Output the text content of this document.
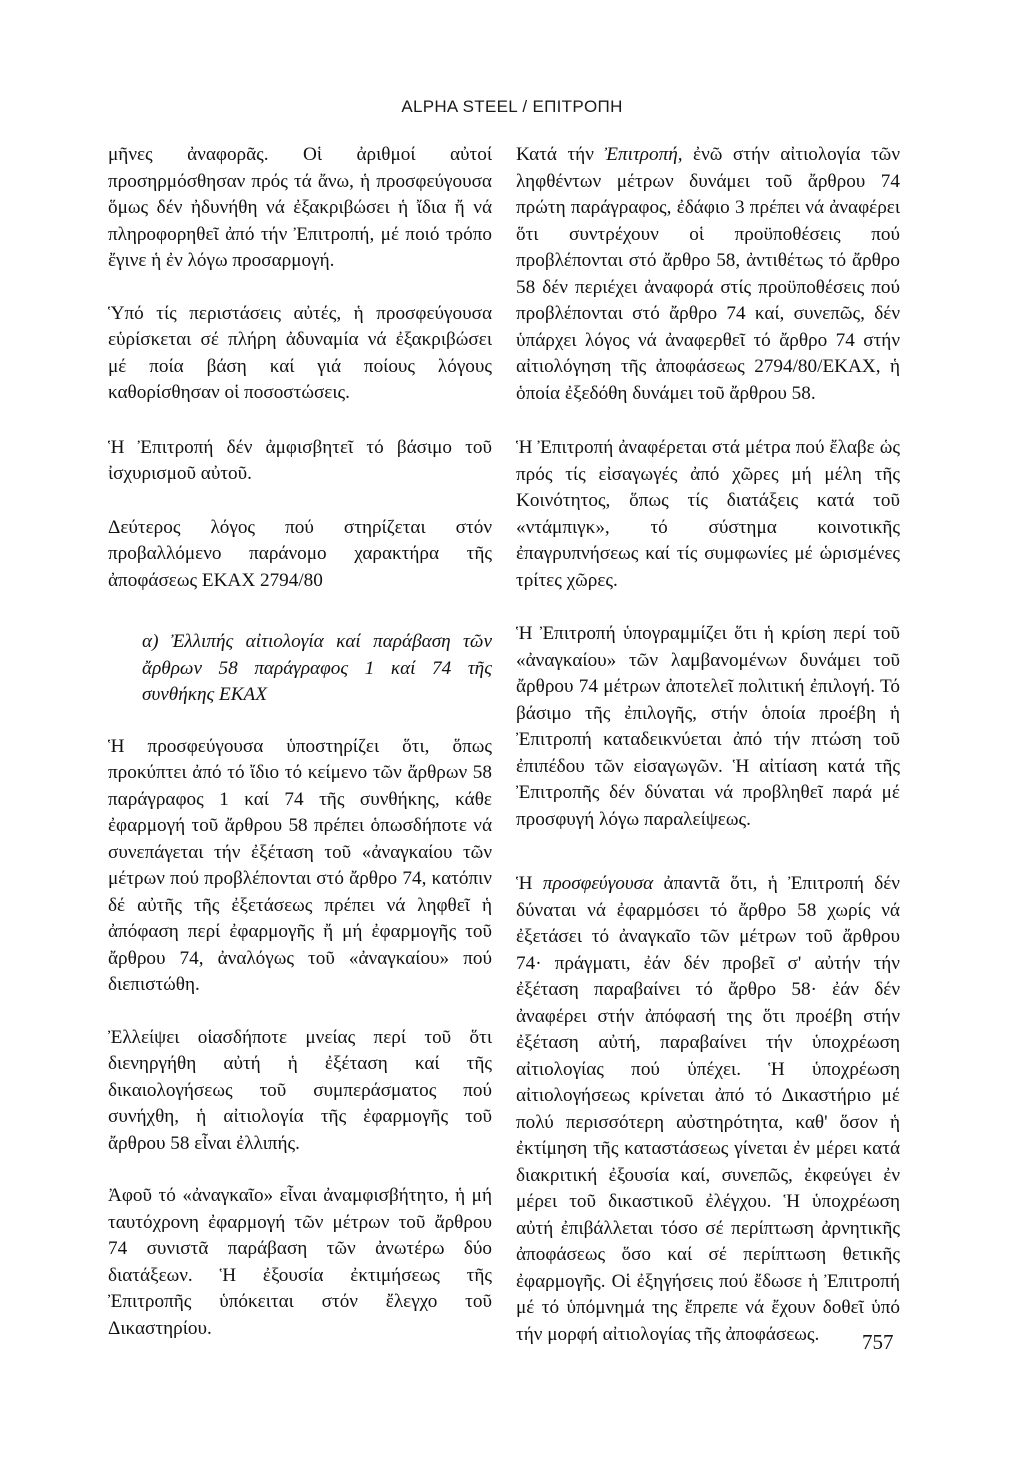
ALPHA STEEL / ΕΠΙΤΡΟΠΗ

μῆνες ἀναφορᾶς. Οἱ ἀριθμοί αὐτοί προσηρμόσθησαν πρός τά ἄνω, ἡ προσφεύγουσα ὅμως δέν ἠδυνήθη νά ἐξακριβώσει ἡ ἴδια ἤ νά πληροφορηθεῖ ἀπό τήν Ἐπιτροπή, μέ ποιό τρόπο ἔγινε ἡ ἐν λόγω προσαρμογή.

Ὑπό τίς περιστάσεις αὐτές, ἡ προσφεύγουσα εὑρίσκεται σέ πλήρη ἀδυναμία νά ἐξακριβώσει μέ ποία βάση καί γιά ποίους λόγους καθορίσθησαν οἱ ποσοστώσεις.

Ἡ Ἐπιτροπή δέν ἀμφισβητεῖ τό βάσιμο τοῦ ἰσχυρισμοῦ αὐτοῦ.

Δεύτερος λόγος πού στηρίζεται στόν προβαλλόμενο παράνομο χαρακτήρα τῆς ἀποφάσεως ΕΚΑΧ 2794/80

α) Ἐλλιπής αἰτιολογία καί παράβαση τῶν ἄρθρων 58 παράγραφος 1 καί 74 τῆς συνθήκης ΕΚΑΧ

Ἡ προσφεύγουσα ὑποστηρίζει ὅτι, ὅπως προκύπτει ἀπό τό ἴδιο τό κείμενο τῶν ἄρθρων 58 παράγραφος 1 καί 74 τῆς συνθήκης, κάθε ἐφαρμογή τοῦ ἄρθρου 58 πρέπει ὁπωσδήποτε νά συνεπάγεται τήν ἐξέταση τοῦ «ἀναγκαίου τῶν μέτρων πού προβλέπονται στό ἄρθρο 74, κατόπιν δέ αὐτῆς τῆς ἐξετάσεως πρέπει νά ληφθεῖ ἡ ἀπόφαση περί ἐφαρμογῆς ἤ μή ἐφαρμογῆς τοῦ ἄρθρου 74, ἀναλόγως τοῦ «ἀναγκαίου» πού διεπιστώθη.

Ἐλλείψει οἱασδήποτε μνείας περί τοῦ ὅτι διενηργήθη αὐτή ἡ ἐξέταση καί τῆς δικαιολογήσεως τοῦ συμπεράσματος πού συνήχθη, ἡ αἰτιολογία τῆς ἐφαρμογῆς τοῦ ἄρθρου 58 εἶναι ἐλλιπής.

Ἀφοῦ τό «ἀναγκαῖο» εἶναι ἀναμφισβήτητο, ἡ μή ταυτόχρονη ἐφαρμογή τῶν μέτρων τοῦ ἄρθρου 74 συνιστᾶ παράβαση τῶν ἀνωτέρω δύο διατάξεων. Ἡ ἐξουσία ἐκτιμήσεως τῆς Ἐπιτροπῆς ὑπόκειται στόν ἔλεγχο τοῦ Δικαστηρίου.

Κατά τήν Ἐπιτροπή, ἐνῶ στήν αἰτιολογία τῶν ληφθέντων μέτρων δυνάμει τοῦ ἄρθρου 74 πρώτη παράγραφος, ἐδάφιο 3 πρέπει νά ἀναφέρει ὅτι συντρέχουν οἱ προϋποθέσεις πού προβλέπονται στό ἄρθρο 58, ἀντιθέτως τό ἄρθρο 58 δέν περιέχει ἀναφορά στίς προϋποθέσεις πού προβλέπονται στό ἄρθρο 74 καί, συνεπῶς, δέν ὑπάρχει λόγος νά ἀναφερθεῖ τό ἄρθρο 74 στήν αἰτιολόγηση τῆς ἀποφάσεως 2794/80/ΕΚΑΧ, ἡ ὁποία ἐξεδόθη δυνάμει τοῦ ἄρθρου 58.

Ἡ Ἐπιτροπή ἀναφέρεται στά μέτρα πού ἔλαβε ὡς πρός τίς εἰσαγωγές ἀπό χῶρες μή μέλη τῆς Κοινότητος, ὅπως τίς διατάξεις κατά τοῦ «ντάμπιγκ», τό σύστημα κοινοτικῆς ἐπαγρυπνήσεως καί τίς συμφωνίες μέ ὡρισμένες τρίτες χῶρες.

Ἡ Ἐπιτροπή ὑπογραμμίζει ὅτι ἡ κρίση περί τοῦ «ἀναγκαίου» τῶν λαμβανομένων δυνάμει τοῦ ἄρθρου 74 μέτρων ἀποτελεῖ πολιτική ἐπιλογή. Τό βάσιμο τῆς ἐπιλογῆς, στήν ὁποία προέβη ἡ Ἐπιτροπή καταδεικνύεται ἀπό τήν πτώση τοῦ ἐπιπέδου τῶν εἰσαγωγῶν. Ἡ αἰτίαση κατά τῆς Ἐπιτροπῆς δέν δύναται νά προβληθεῖ παρά μέ προσφυγή λόγω παραλείψεως.

Ἡ προσφεύγουσα ἀπαντᾶ ὅτι, ἡ Ἐπιτροπή δέν δύναται νά ἐφαρμόσει τό ἄρθρο 58 χωρίς νά ἐξετάσει τό ἀναγκαῖο τῶν μέτρων τοῦ ἄρθρου 74· πράγματι, ἐάν δέν προβεῖ σ' αὐτήν τήν ἐξέταση παραβαίνει τό ἄρθρο 58· ἐάν δέν ἀναφέρει στήν ἀπόφασή της ὅτι προέβη στήν ἐξέταση αὐτή, παραβαίνει τήν ὑποχρέωση αἰτιολογίας πού ὑπέχει. Ἡ ὑποχρέωση αἰτιολογήσεως κρίνεται ἀπό τό Δικαστήριο μέ πολύ περισσότερη αὐστηρότητα, καθ' ὅσον ἡ ἐκτίμηση τῆς καταστάσεως γίνεται ἐν μέρει κατά διακριτική ἐξουσία καί, συνεπῶς, ἐκφεύγει ἐν μέρει τοῦ δικαστικοῦ ἐλέγχου. Ἡ ὑποχρέωση αὐτή ἐπιβάλλεται τόσο σέ περίπτωση ἀρνητικῆς ἀποφάσεως ὅσο καί σέ περίπτωση θετικῆς ἐφαρμογῆς. Οἱ ἐξηγήσεις πού ἔδωσε ἡ Ἐπιτροπή μέ τό ὑπόμνημά της ἔπρεπε νά ἔχουν δοθεῖ ὑπό τήν μορφή αἰτιολογίας τῆς ἀποφάσεως.	757
